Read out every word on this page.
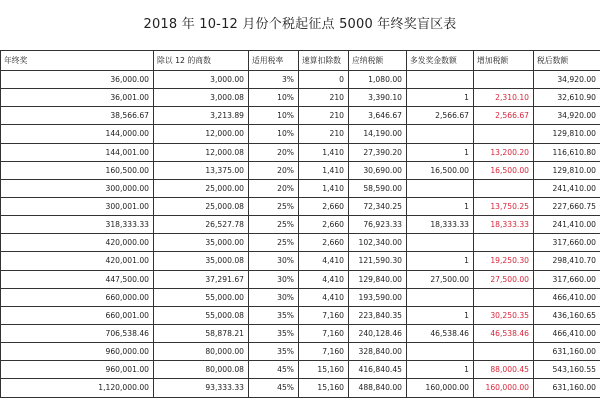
2018 年 10-12 月份个税起征点 5000 年终奖盲区表
年终奖	除以 12 的商数	适用税率	速算扣除数	应纳税额	多发奖金数额	增加税额	税后数额
36,000.00	3,000.00	3%	0	1,080.00			34,920.00
36,001.00	3,000.08	10%	210	3,390.10	1	2,310.10	32,610.90
38,566.67	3,213.89	10%	210	3,646.67	2,566.67	2,566.67	34,920.00
144,000.00	12,000.00	10%	210	14,190.00			129,810.00
144,001.00	12,000.08	20%	1,410	27,390.20	1	13,200.20	116,610.80
160,500.00	13,375.00	20%	1,410	30,690.00	16,500.00	16,500.00	129,810.00
300,000.00	25,000.00	20%	1,410	58,590.00			241,410.00
300,001.00	25,000.08	25%	2,660	72,340.25	1	13,750.25	227,660.75
318,333.33	26,527.78	25%	2,660	76,923.33	18,333.33	18,333.33	241,410.00
420,000.00	35,000.00	25%	2,660	102,340.00			317,660.00
420,001.00	35,000.08	30%	4,410	121,590.30	1	19,250.30	298,410.70
447,500.00	37,291.67	30%	4,410	129,840.00	27,500.00	27,500.00	317,660.00
660,000.00	55,000.00	30%	4,410	193,590.00			466,410.00
660,001.00	55,000.08	35%	7,160	223,840.35	1	30,250.35	436,160.65
706,538.46	58,878.21	35%	7,160	240,128.46	46,538.46	46,538.46	466,410.00
960,000.00	80,000.00	35%	7,160	328,840.00			631,160.00
960,001.00	80,000.08	45%	15,160	416,840.45	1	88,000.45	543,160.55
1,120,000.00	93,333.33	45%	15,160	488,840.00	160,000.00	160,000.00	631,160.00
